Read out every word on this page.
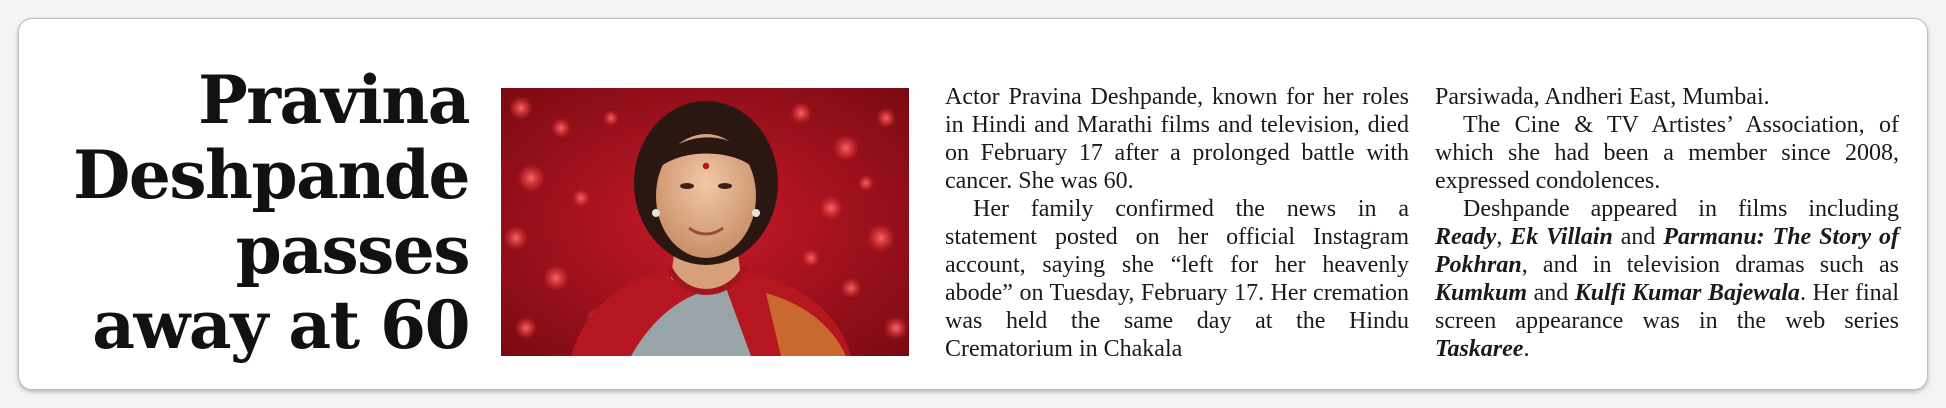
Pravina
Deshpande
passes
away at 60

Actor Pravina Deshpande, known for her roles in Hindi and Marathi films and television, died on February 17 after a prolonged battle with cancer. She was 60.

Her family confirmed the news in a statement posted on her official Instagram account, saying she “left for her heavenly abode” on Tuesday, February 17. Her cremation was held the same day at the Hindu Crematorium in Chakala

Parsiwada, Andheri East, Mumbai.

The Cine & TV Artistes’ Association, of which she had been a member since 2008, expressed condolences.

Deshpande appeared in films including Ready, Ek Villain and Parmanu: The Story of Pokhran, and in television dramas such as Kumkum and Kulfi Kumar Bajewala. Her final screen appearance was in the web series Taskaree.
